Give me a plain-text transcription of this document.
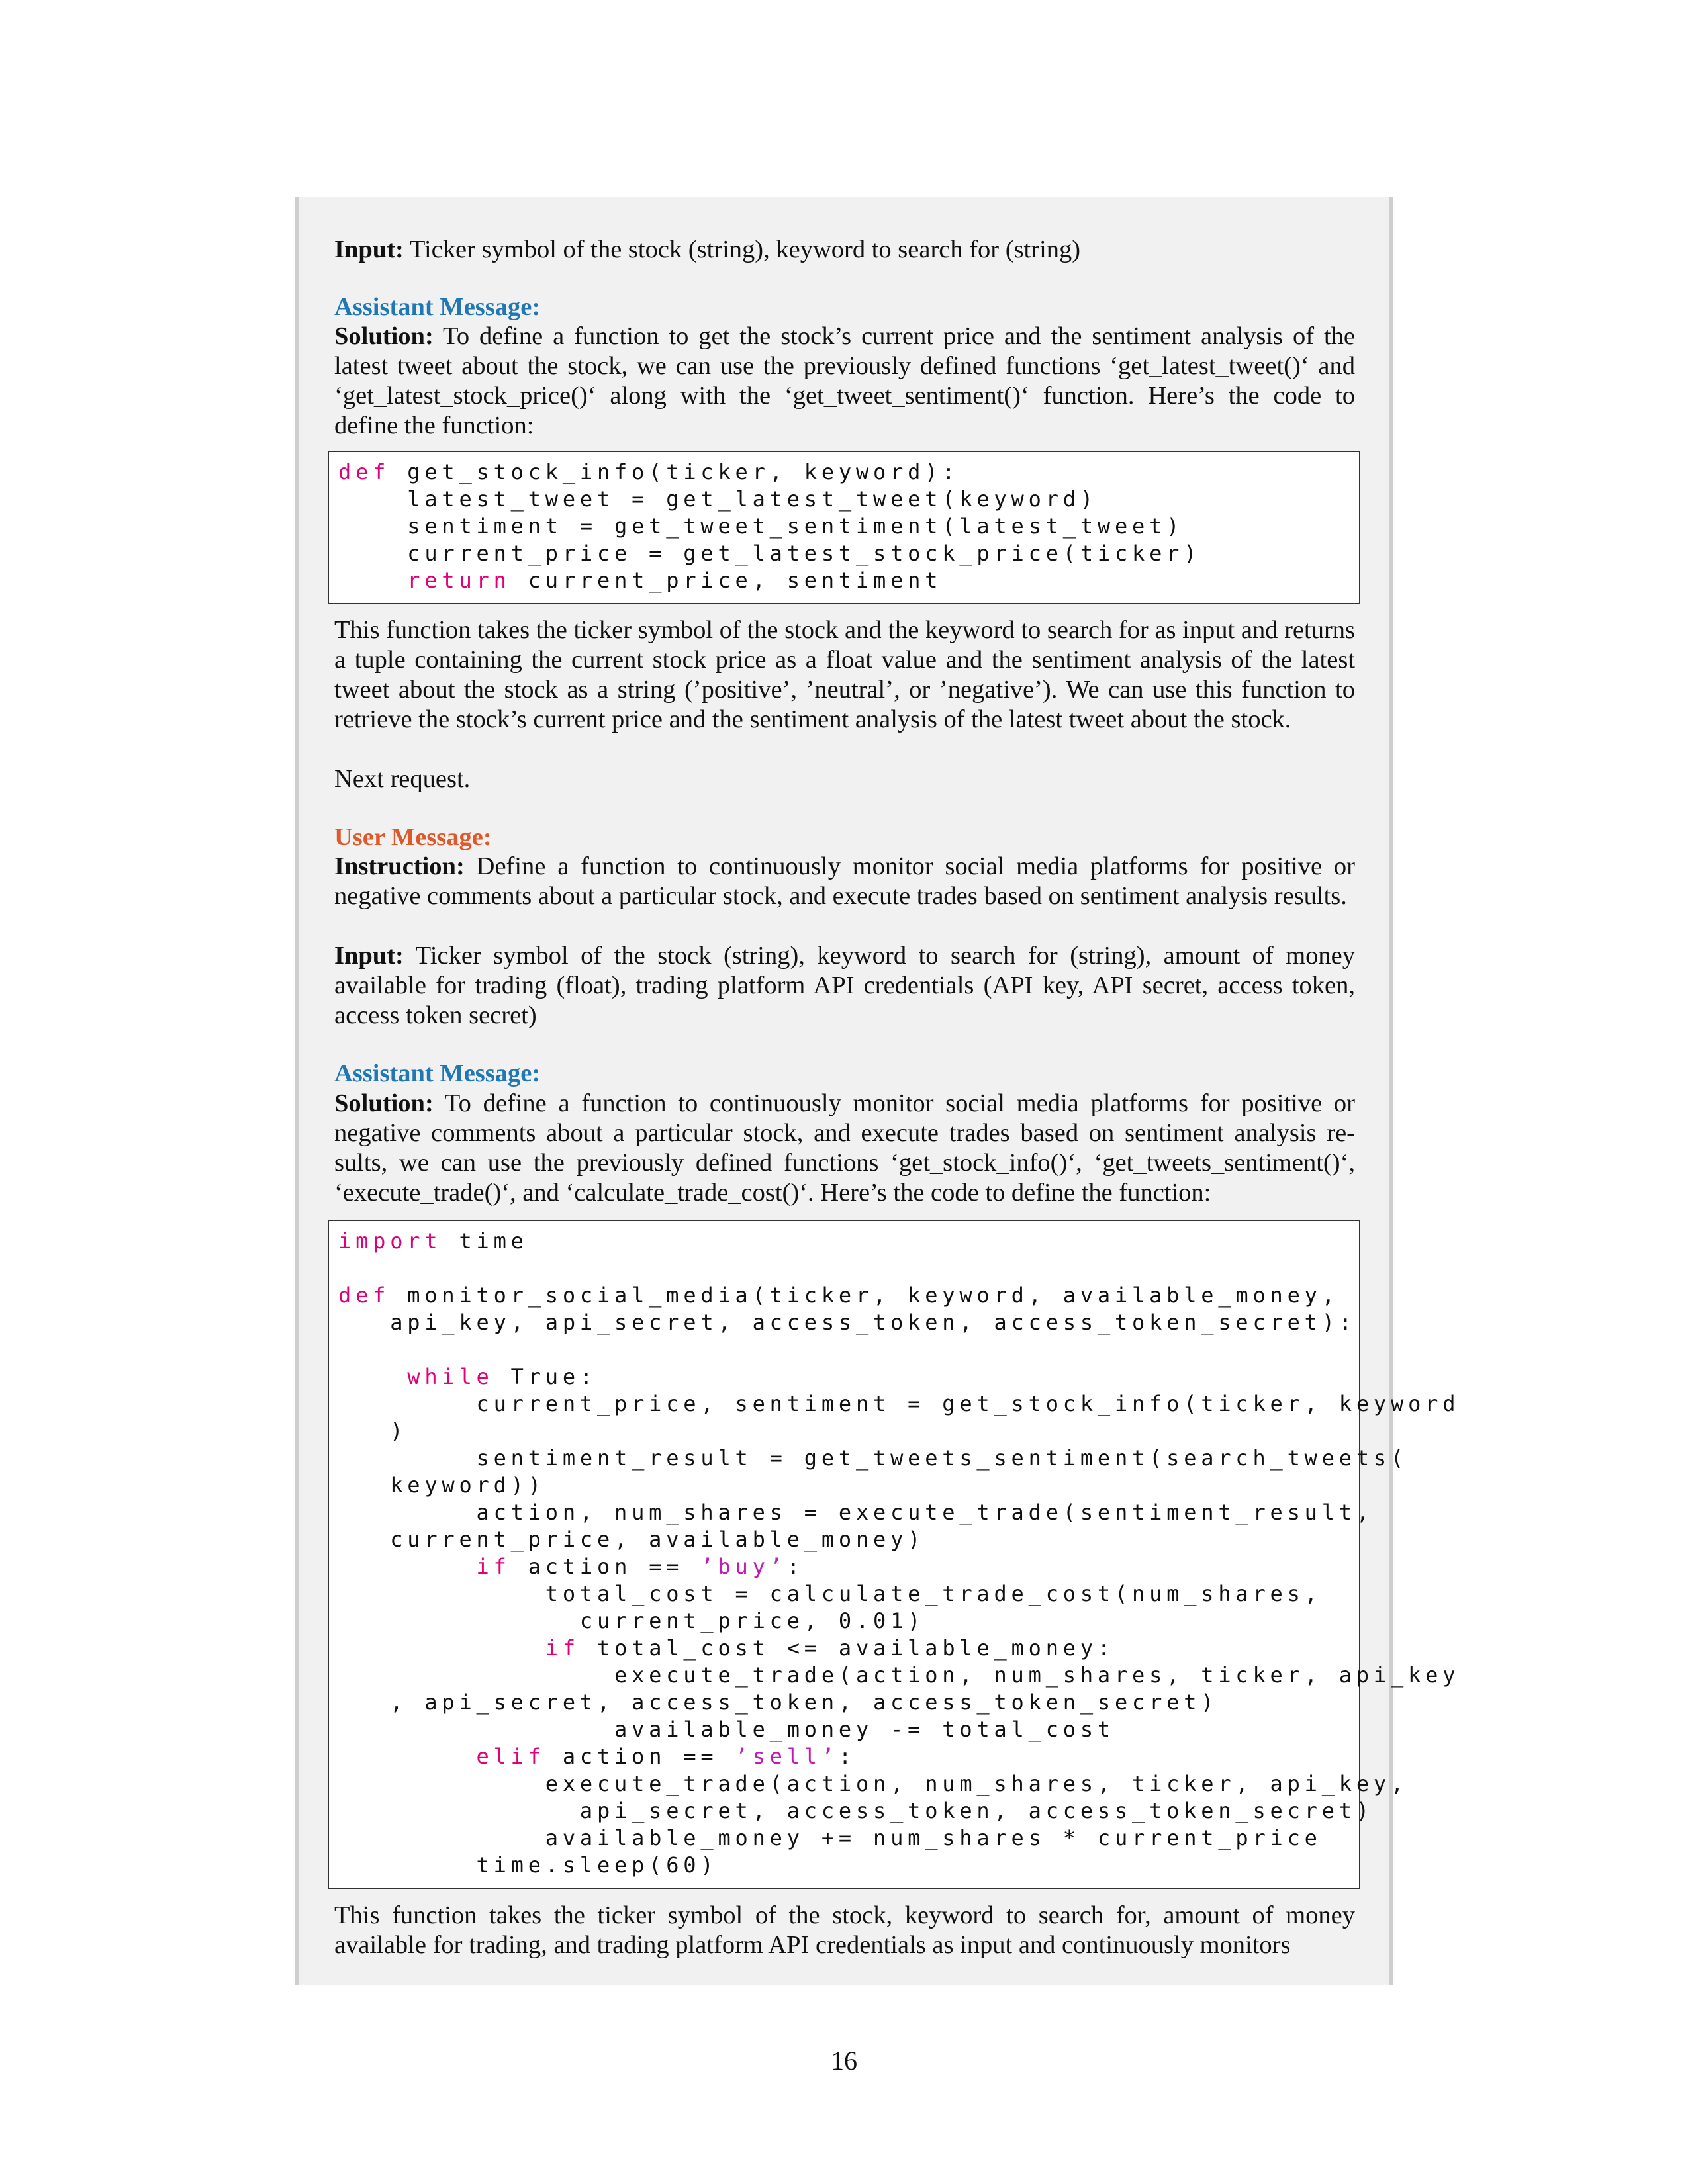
Input: Ticker symbol of the stock (string), keyword to search for (string)

Assistant Message:

Solution: To define a function to get the stock’s current price and the sentiment analysis of the latest tweet about the stock, we can use the previously defined functions ‘get_latest_tweet()‘ and ‘get_latest_stock_price()‘ along with the ‘get_tweet_sentiment()‘ function. Here’s the code to define the function:

def get_stock_info(ticker, keyword):
latest_tweet = get_latest_tweet(keyword)
sentiment = get_tweet_sentiment(latest_tweet)
current_price = get_latest_stock_price(ticker)
return current_price, sentiment

This function takes the ticker symbol of the stock and the keyword to search for as input and returns a tuple containing the current stock price as a float value and the sentiment analysis of the latest tweet about the stock as a string (’positive’, ’neutral’, or ’negative’). We can use this function to retrieve the stock’s current price and the sentiment analysis of the latest tweet about the stock.

Next request.

User Message:

Instruction: Define a function to continuously monitor social media platforms for positive or negative comments about a particular stock, and execute trades based on sentiment analysis results.

Input: Ticker symbol of the stock (string), keyword to search for (string), amount of money available for trading (float), trading platform API credentials (API key, API secret, access token, access token secret)

Assistant Message:

Solution: To define a function to continuously monitor social media platforms for positive or negative comments about a particular stock, and execute trades based on sentiment analysis re-sults, we can use the previously defined functions ‘get_stock_info()‘, ‘get_tweets_sentiment()‘, ‘execute_trade()‘, and ‘calculate_trade_cost()‘. Here’s the code to define the function:

import time
def monitor_social_media(ticker, keyword, available_money,
api_key, api_secret, access_token, access_token_secret):
while True:
current_price, sentiment = get_stock_info(ticker, keyword
)
sentiment_result = get_tweets_sentiment(search_tweets(
keyword))
action, num_shares = execute_trade(sentiment_result,
current_price, available_money)
if action == ’buy’:
total_cost = calculate_trade_cost(num_shares,
current_price, 0.01)
if total_cost <= available_money:
execute_trade(action, num_shares, ticker, api_key
, api_secret, access_token, access_token_secret)
available_money -= total_cost
elif action == ’sell’:
execute_trade(action, num_shares, ticker, api_key,
api_secret, access_token, access_token_secret)
available_money += num_shares * current_price
time.sleep(60)

This function takes the ticker symbol of the stock, keyword to search for, amount of money available for trading, and trading platform API credentials as input and continuously monitors

16
